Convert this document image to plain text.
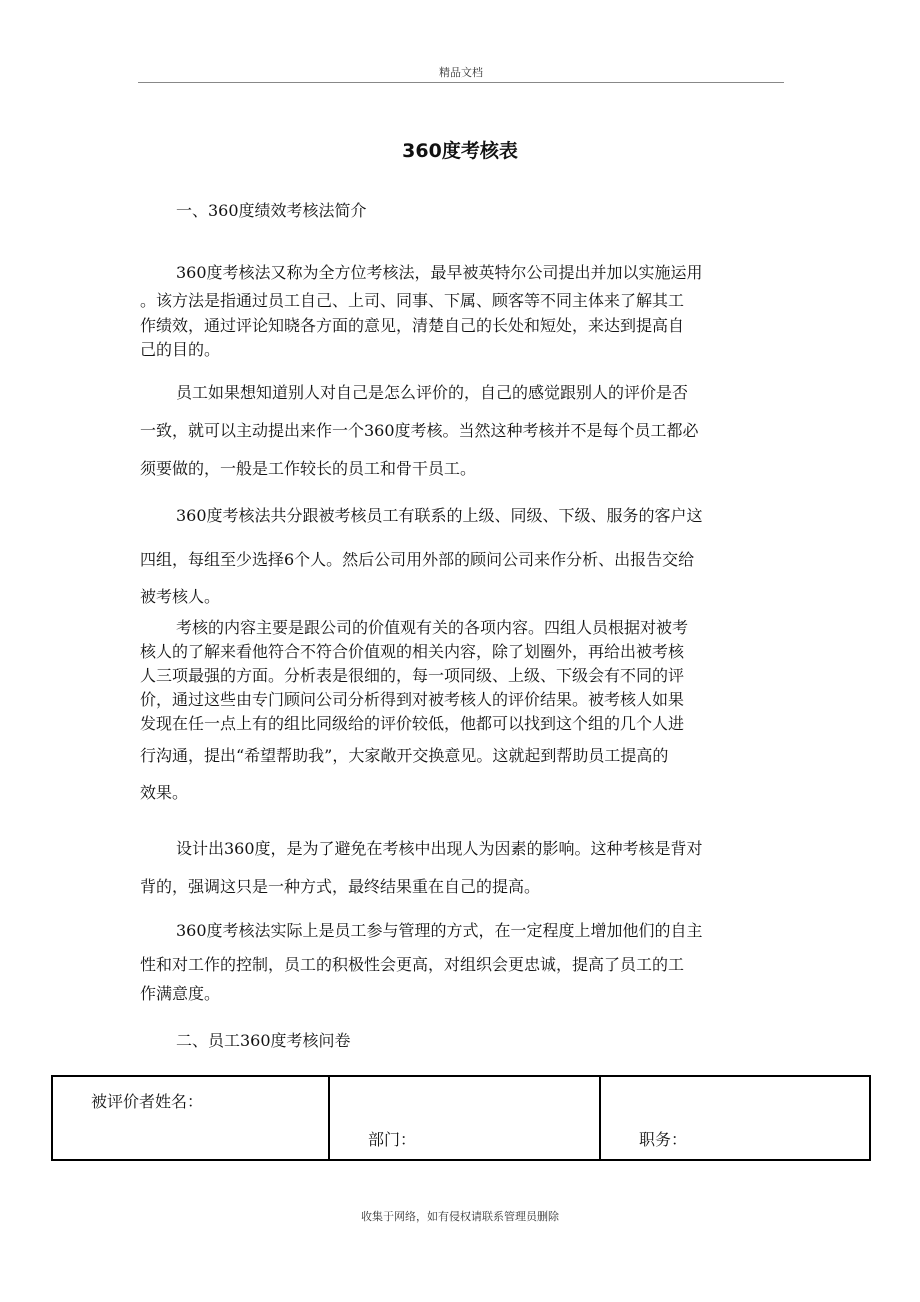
精品文档
360度考核表
一、360度绩效考核法简介

360度考核法又称为全方位考核法，最早被英特尔公司提出并加以实施运用

。该方法是指通过员工自己、上司、同事、下属、顾客等不同主体来了解其工

作绩效，通过评论知晓各方面的意见，清楚自己的长处和短处，来达到提高自

己的目的。

员工如果想知道别人对自己是怎么评价的，自己的感觉跟别人的评价是否

一致，就可以主动提出来作一个360度考核。当然这种考核并不是每个员工都必

须要做的，一般是工作较长的员工和骨干员工。

360度考核法共分跟被考核员工有联系的上级、同级、下级、服务的客户这

四组，每组至少选择6个人。然后公司用外部的顾问公司来作分析、出报告交给

被考核人。

考核的内容主要是跟公司的价值观有关的各项内容。四组人员根据对被考

核人的了解来看他符合不符合价值观的相关内容，除了划圈外，再给出被考核

人三项最强的方面。分析表是很细的，每一项同级、上级、下级会有不同的评

价，通过这些由专门顾问公司分析得到对被考核人的评价结果。被考核人如果

发现在任一点上有的组比同级给的评价较低，他都可以找到这个组的几个人进

行沟通，提出“希望帮助我”，大家敞开交换意见。这就起到帮助员工提高的

效果。

设计出360度，是为了避免在考核中出现人为因素的影响。这种考核是背对

背的，强调这只是一种方式，最终结果重在自己的提高。

360度考核法实际上是员工参与管理的方式，在一定程度上增加他们的自主

性和对工作的控制，员工的积极性会更高，对组织会更忠诚，提高了员工的工

作满意度。

二、员工360度考核问卷
被评价者姓名：	部门：	职务：
收集于网络，如有侵权请联系管理员删除
